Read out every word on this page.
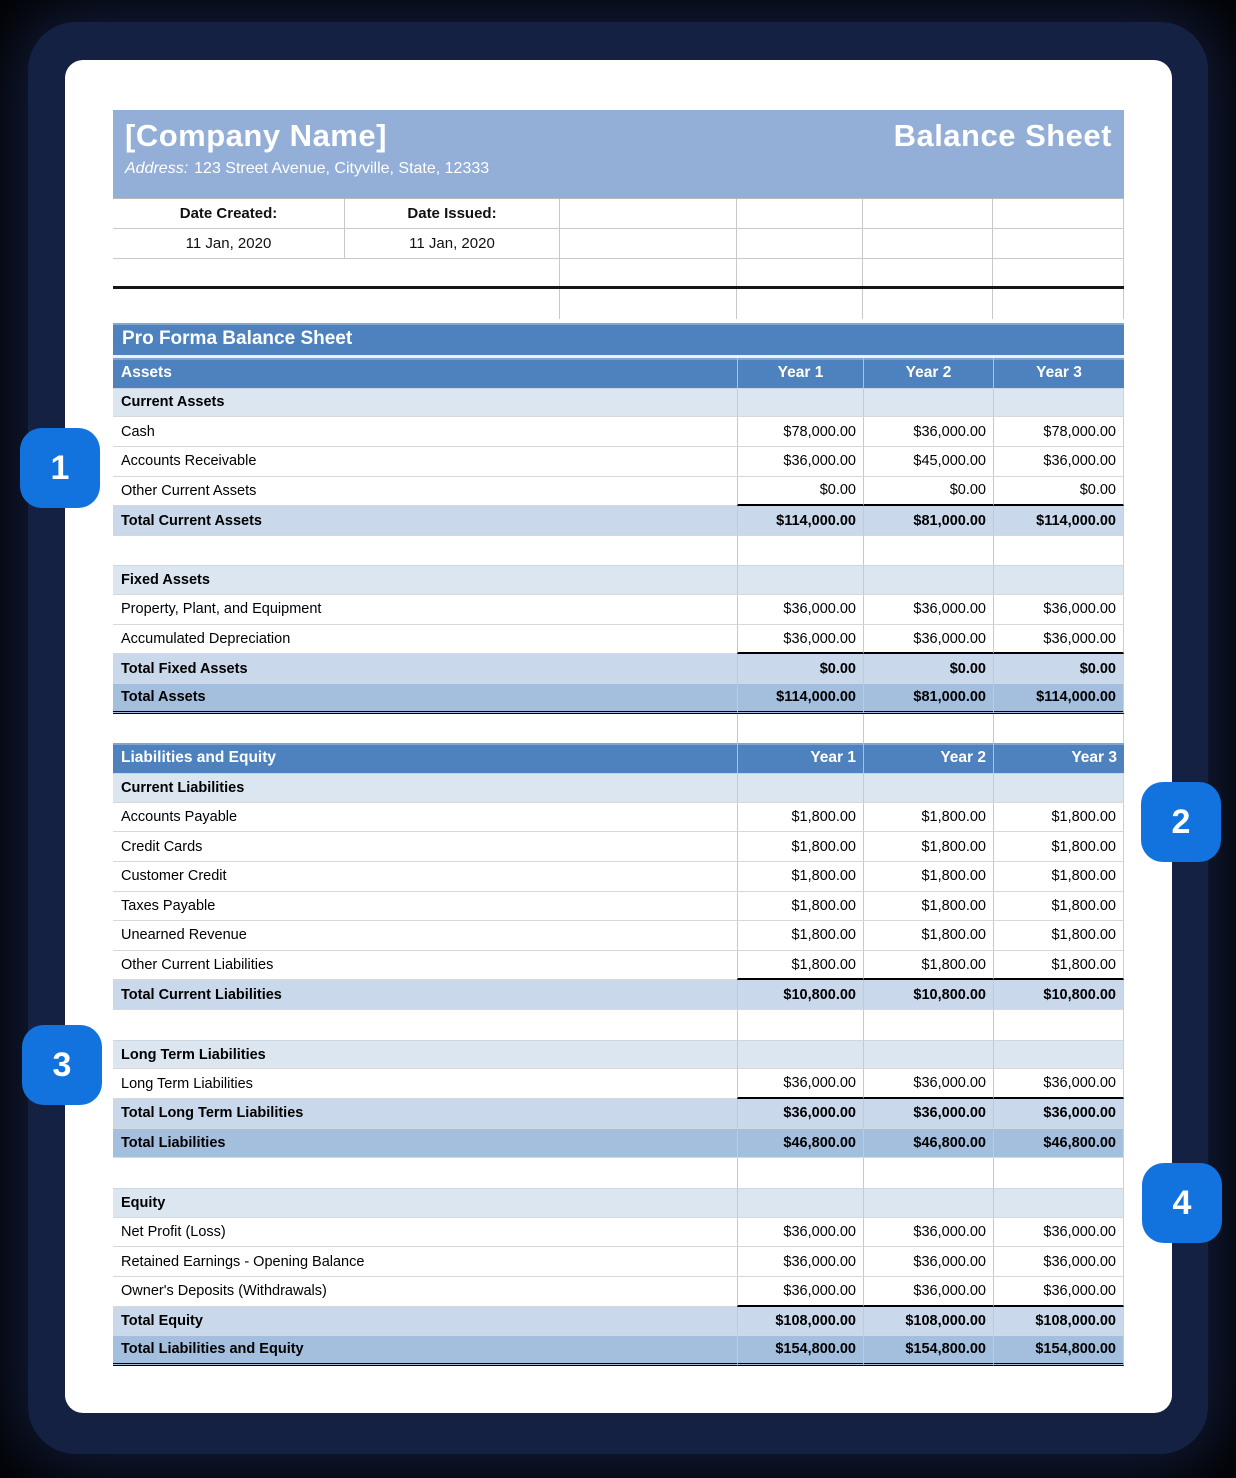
[Company Name]	Balance Sheet
Address: 123 Street Avenue, Cityville, State, 12333
Date Created:	Date Issued:
11 Jan, 2020	11 Jan, 2020
Pro Forma Balance Sheet
Assets	Year 1	Year 2	Year 3
Current Assets
Cash	$78,000.00	$36,000.00	$78,000.00
Accounts Receivable	$36,000.00	$45,000.00	$36,000.00
Other Current Assets	$0.00	$0.00	$0.00
Total Current Assets	$114,000.00	$81,000.00	$114,000.00
Fixed Assets
Property, Plant, and Equipment	$36,000.00	$36,000.00	$36,000.00
Accumulated Depreciation	$36,000.00	$36,000.00	$36,000.00
Total Fixed Assets	$0.00	$0.00	$0.00
Total Assets	$114,000.00	$81,000.00	$114,000.00
Liabilities and Equity	Year 1	Year 2	Year 3
Current Liabilities
Accounts Payable	$1,800.00	$1,800.00	$1,800.00
Credit Cards	$1,800.00	$1,800.00	$1,800.00
Customer Credit	$1,800.00	$1,800.00	$1,800.00
Taxes Payable	$1,800.00	$1,800.00	$1,800.00
Unearned Revenue	$1,800.00	$1,800.00	$1,800.00
Other Current Liabilities	$1,800.00	$1,800.00	$1,800.00
Total Current Liabilities	$10,800.00	$10,800.00	$10,800.00
Long Term Liabilities
Long Term Liabilities	$36,000.00	$36,000.00	$36,000.00
Total Long Term Liabilities	$36,000.00	$36,000.00	$36,000.00
Total Liabilities	$46,800.00	$46,800.00	$46,800.00
Equity
Net Profit (Loss)	$36,000.00	$36,000.00	$36,000.00
Retained Earnings - Opening Balance	$36,000.00	$36,000.00	$36,000.00
Owner's Deposits (Withdrawals)	$36,000.00	$36,000.00	$36,000.00
Total Equity	$108,000.00	$108,000.00	$108,000.00
Total Liabilities and Equity	$154,800.00	$154,800.00	$154,800.00
1
2
3
4
